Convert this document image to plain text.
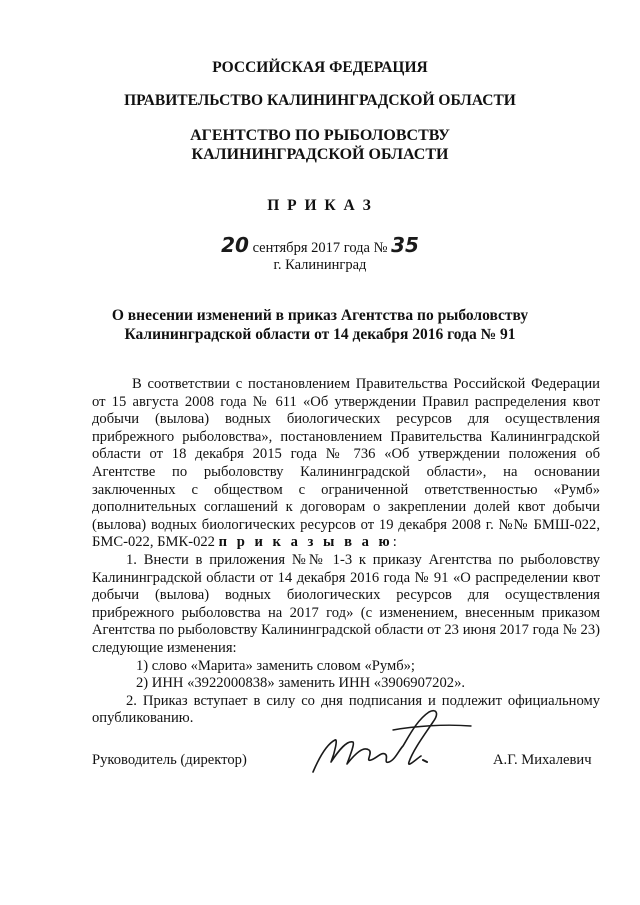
РОССИЙСКАЯ ФЕДЕРАЦИЯ
ПРАВИТЕЛЬСТВО КАЛИНИНГРАДСКОЙ ОБЛАСТИ
АГЕНТСТВО ПО РЫБОЛОВСТВУ
КАЛИНИНГРАДСКОЙ ОБЛАСТИ
П Р И К А З
20 сентября 2017 года № 35
г. Калининград
О внесении изменений в приказ Агентства по рыболовству
Калининградской области от 14 декабря 2016 года № 91

В соответствии с постановлением Правительства Российской Федерации от 15 августа 2008 года № 611 «Об утверждении Правил распределения квот добычи (вылова) водных биологических ресурсов для осуществления прибрежного рыболовства», постановлением Правительства Калининградской области от 18 декабря 2015 года № 736 «Об утверждении положения об Агентстве по рыболовству Калининградской области», на основании заключенных с обществом с ограниченной ответственностью «Румб» дополнительных соглашений к договорам о закреплении долей квот добычи (вылова) водных биологических ресурсов от 19 декабря 2008 г. №№ БМШ-022, БМС-022, БМК-022 п р и к а з ы в а ю:

1. Внести в приложения №№ 1-3 к приказу Агентства по рыболовству Калининградской области от 14 декабря 2016 года № 91 «О распределении квот добычи (вылова) водных биологических ресурсов для осуществления прибрежного рыболовства на 2017 год» (с изменением, внесенным приказом Агентства по рыболовству Калининградской области от 23 июня 2017 года № 23) следующие изменения:

1) слово «Марита» заменить словом «Румб»;

2) ИНН «3922000838» заменить ИНН «3906907202».

2. Приказ вступает в силу со дня подписания и подлежит официальному опубликованию.

Руководитель (директор)	А.Г. Михалевич
